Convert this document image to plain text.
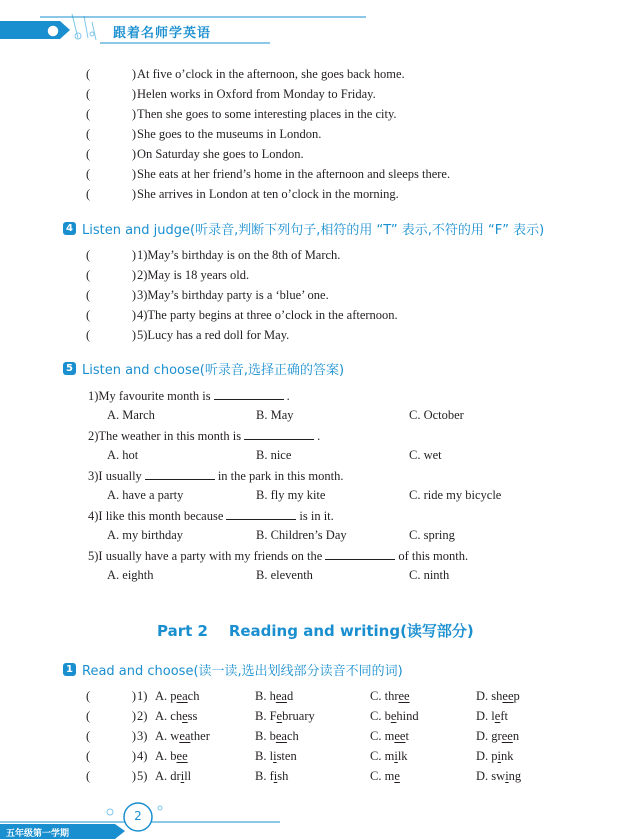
跟着名师学英语
(	) At five o’clock in the afternoon, she goes back home.
(	) Helen works in Oxford from Monday to Friday.
(	) Then she goes to some interesting places in the city.
(	) She goes to the museums in London.
(	) On Saturday she goes to London.
(	) She eats at her friend’s home in the afternoon and sleeps there.
(	) She arrives in London at ten o’clock in the morning.
4 Listen and judge(听录音,判断下列句子,相符的用 “T” 表示,不符的用 “F” 表示)
(	) 1)May’s birthday is on the 8th of March.
(	) 2)May is 18 years old.
(	) 3)May’s birthday party is a ‘blue’ one.
(	) 4)The party begins at three o’clock in the afternoon.
(	) 5)Lucy has a red doll for May.
5 Listen and choose(听录音,选择正确的答案)
1)My favourite month is	.
A. March	B. May	C. October
2)The weather in this month is	.
A. hot	B. nice	C. wet
3)I usually	in the park in this month.
A. have a party	B. fly my kite	C. ride my bicycle
4)I like this month because	is in it.
A. my birthday	B. Children’s Day	C. spring
5)I usually have a party with my friends on the	of this month.
A. eighth	B. eleventh	C. ninth
Part 2    Reading and writing(读写部分)
1 Read and choose(读一读,选出划线部分读音不同的词)
(	) 1) A. peach	B. head	C. three	D. sheep
(	) 2) A. chess	B. February	C. behind	D. left
(	) 3) A. weather	B. beach	C. meet	D. green
(	) 4) A. bee	B. listen	C. milk	D. pink
(	) 5) A. drill	B. fish	C. me	D. swing
五年级第一学期
2
